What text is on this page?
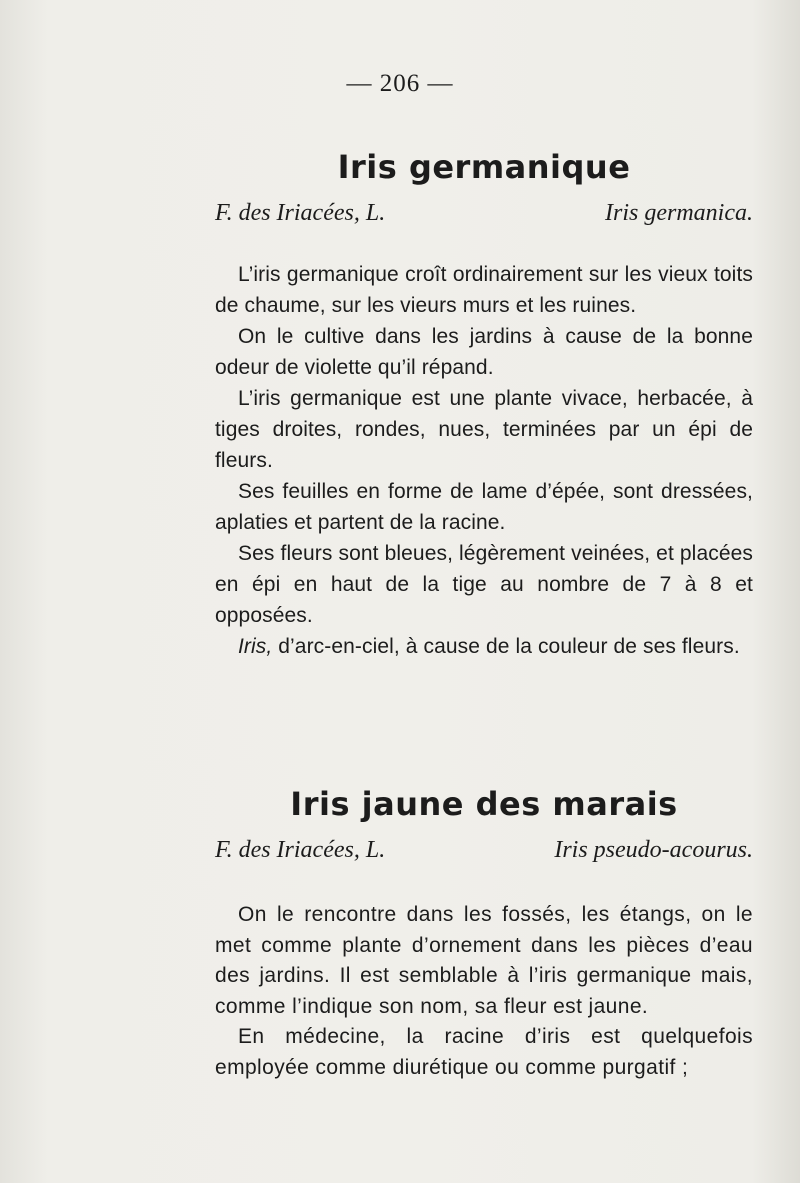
— 206 —
Iris germanique
F. des Iriacées, L.	Iris germanica.

L’iris germanique croît ordinairement sur les vieux toits de chaume, sur les vieurs murs et les ruines.

On le cultive dans les jardins à cause de la bonne odeur de violette qu’il répand.

L’iris germanique est une plante vivace, herbacée, à tiges droites, rondes, nues, terminées par un épi de fleurs.

Ses feuilles en forme de lame d’épée, sont dressées, aplaties et partent de la racine.

Ses fleurs sont bleues, légèrement veinées, et placées en épi en haut de la tige au nombre de 7 à 8 et opposées.

Iris, d’arc-en-ciel, à cause de la couleur de ses fleurs.

Iris jaune des marais
F. des Iriacées, L.	Iris pseudo-acourus.

On le rencontre dans les fossés, les étangs, on le met comme plante d’ornement dans les pièces d’eau des jardins. Il est semblable à l’iris germanique mais, comme l’indique son nom, sa fleur est jaune.

En médecine, la racine d’iris est quelquefois employée comme diurétique ou comme purgatif ;
